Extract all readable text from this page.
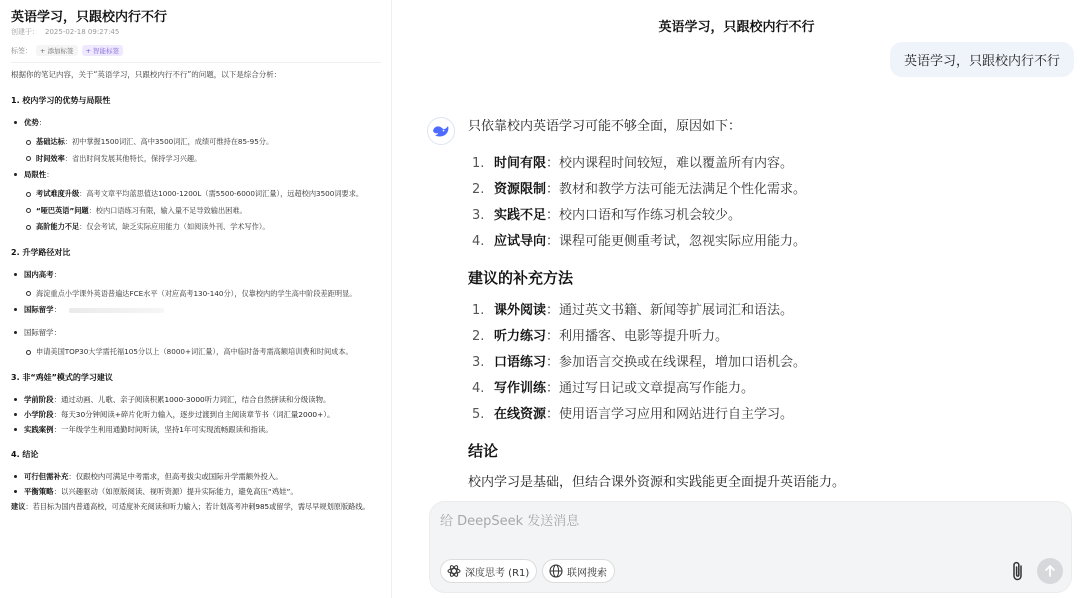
英语学习，只跟校内行不行
创建于： 2025-02-18 09:27:45
标签：	+ 添加标签	+ 智能标签
根据你的笔记内容，关于“英语学习，只跟校内行不行”的问题，以下是综合分析：
1. 校内学习的优势与局限性
优势：
基础达标：初中掌握1500词汇、高中3500词汇，成绩可维持在85-95分。
时间效率：省出时间发展其他特长，保持学习兴趣。
局限性：
考试难度升级：高考文章平均蓝思值达1000-1200L（需5500-6000词汇量），远超校内3500词要求。
“哑巴英语”问题：校内口语练习有限，输入量不足导致输出困难。
高阶能力不足：仅会考试，缺乏实际应用能力（如阅读外刊、学术写作）。
2. 升学路径对比
国内高考：
海淀重点小学课外英语普遍达FCE水平（对应高考130-140分），仅靠校内的学生高中阶段差距明显。
国际留学：
国际留学：
申请美国TOP30大学需托福105分以上（8000+词汇量），高中临时备考需高额培训费和时间成本。
3. 非“鸡娃”模式的学习建议
学前阶段：通过动画、儿歌、亲子阅读积累1000-3000听力词汇，结合自然拼读和分级读物。
小学阶段：每天30分钟阅读+碎片化听力输入，逐步过渡到自主阅读章节书（词汇量2000+）。
实践案例：一年级学生利用通勤时间听读，坚持1年可实现流畅跟读和指读。
4. 结论
可行但需补充：仅跟校内可满足中考需求，但高考拔尖或国际升学需额外投入。
平衡策略：以兴趣驱动（如原版阅读、视听资源）提升实际能力，避免高压“鸡娃”。
建议：若目标为国内普通高校，可适度补充阅读和听力输入；若计划高考冲刺985或留学，需尽早规划原版路线。
英语学习，只跟校内行不行
英语学习，只跟校内行不行
只依靠校内英语学习可能不够全面，原因如下：
1. 时间有限：校内课程时间较短，难以覆盖所有内容。
2. 资源限制：教材和教学方法可能无法满足个性化需求。
3. 实践不足：校内口语和写作练习机会较少。
4. 应试导向：课程可能更侧重考试，忽视实际应用能力。
建议的补充方法
1. 课外阅读：通过英文书籍、新闻等扩展词汇和语法。
2. 听力练习：利用播客、电影等提升听力。
3. 口语练习：参加语言交换或在线课程，增加口语机会。
4. 写作训练：通过写日记或文章提高写作能力。
5. 在线资源：使用语言学习应用和网站进行自主学习。
结论
校内学习是基础，但结合课外资源和实践能更全面提升英语能力。
给 DeepSeek 发送消息
深度思考 (R1)	联网搜索
